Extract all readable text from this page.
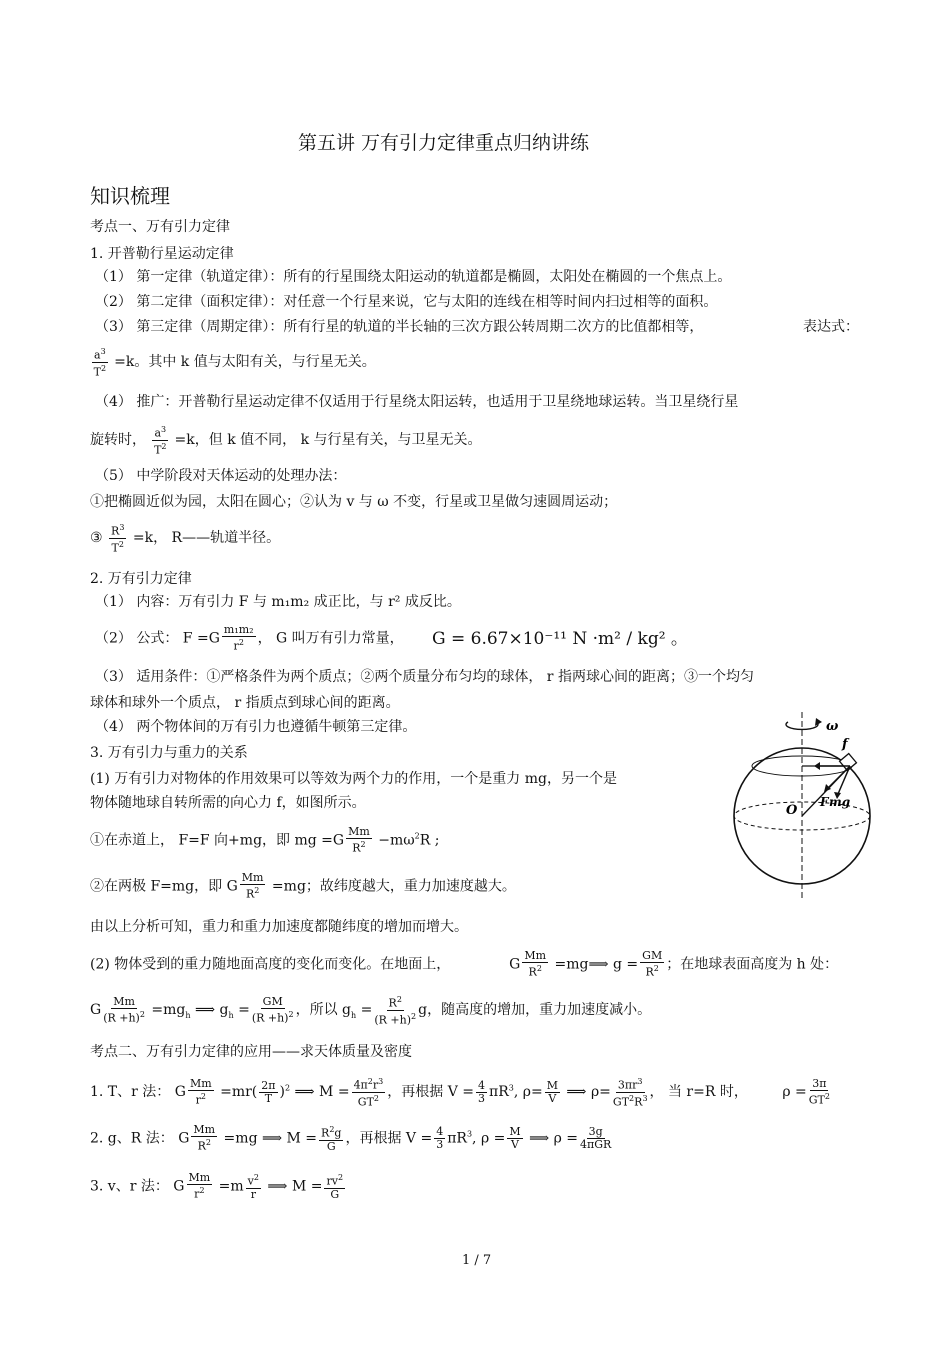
第五讲 万有引力定律重点归纳讲练
知识梳理
考点一、万有引力定律
1. 开普勒行星运动定律
（1） 第一定律（轨道定律）：所有的行星围绕太阳运动的轨道都是椭圆，太阳处在椭圆的一个焦点上。
（2） 第二定律（面积定律）：对任意一个行星来说，它与太阳的连线在相等时间内扫过相等的面积。
（3） 第三定律（周期定律）：所有行星的轨道的半长轴的三次方跟公转周期二次方的比值都相等，	表达式：
$\frac{a^3}{T^2} =k$。其中 k 值与太阳有关，与行星无关。
（4） 推广：开普勒行星运动定律不仅适用于行星绕太阳运转，也适用于卫星绕地球运转。当卫星绕行星
旋转时， $\frac{a^3}{T^2} =k$，但 k 值不同， k 与行星有关，与卫星无关。
（5） 中学阶段对天体运动的处理办法：
①把椭圆近似为园，太阳在圆心；②认为 v 与 ω 不变，行星或卫星做匀速圆周运动；
③ $\frac{R^3}{T^2} =k$， R——轨道半径。
2. 万有引力定律
（1） 内容：万有引力 F 与 m₁m₂ 成正比，与 r² 成反比。
（2） 公式： $F =G \frac{\text{m₁m₂}}{r^2}$ ， G 叫万有引力常量， G = 6.67×10⁻¹¹ N ·m² / kg² 。
（3） 适用条件：①严格条件为两个质点；②两个质量分布匀均的球体， r 指两球心间的距离；③一个均匀
球体和球外一个质点， r 指质点到球心间的距离。
（4） 两个物体间的万有引力也遵循牛顿第三定律。
3. 万有引力与重力的关系
(1) 万有引力对物体的作用效果可以等效为两个力的作用，一个是重力 mg，另一个是
物体随地球自转所需的向心力 f，如图所示。
①在赤道上， F=F 向+mg，即 mg $=G \frac{Mm}{R^2} -m\omega^2R$ ;
②在两极 F=mg，即 G $\frac{Mm}{R^2} =mg$；故纬度越大，重力加速度越大。
由以上分析可知，重力和重力加速度都随纬度的增加而增大。
(2) 物体受到的重力随地面高度的变化而变化。在地面上，	G $\frac{Mm}{R^2}$ =mg⟹ $g = \frac{GM}{R^2}$ ；在地球表面高度为 h 处：
G $\frac{Mm}{(R +h)^2} =mg_h$ ⟹ $g_h = \frac{GM}{(R +h)^2}$ ，所以 $g_h = \frac{R^2}{(R +h)^2}$ g，随高度的增加，重力加速度减小。
考点二、万有引力定律的应用——求天体质量及密度
1. T、r 法： G $\frac{Mm}{r^2} =mr( \frac{2\pi}{T} )^2$ ⟹ $M = \frac{4\pi^2r^3}{GT^2}$ ，再根据 $V = \frac{4}{3} \pi R^3$, $\rho= \frac{M}{V}$ ⟹ $\rho= \frac{3\pi r^3}{GT^2R^3}$ ， 当 r=R 时， $\rho = \frac{3\pi}{GT^2}$
2. g、R 法： G $\frac{Mm}{R^2} =mg$ ⟹ $M = \frac{R^2g}{G}$ ，再根据 $V = \frac{4}{3} \pi R^3$, $\rho = \frac{M}{V}$ ⟹ ρ = 3g
4πGR
3. v、r 法： G $\frac{Mm}{r^2} =m \frac{v^2}{r}$ ⟹ $M = \frac{rv^2}{G}$
ω
f
O
F mg
1 / 7
